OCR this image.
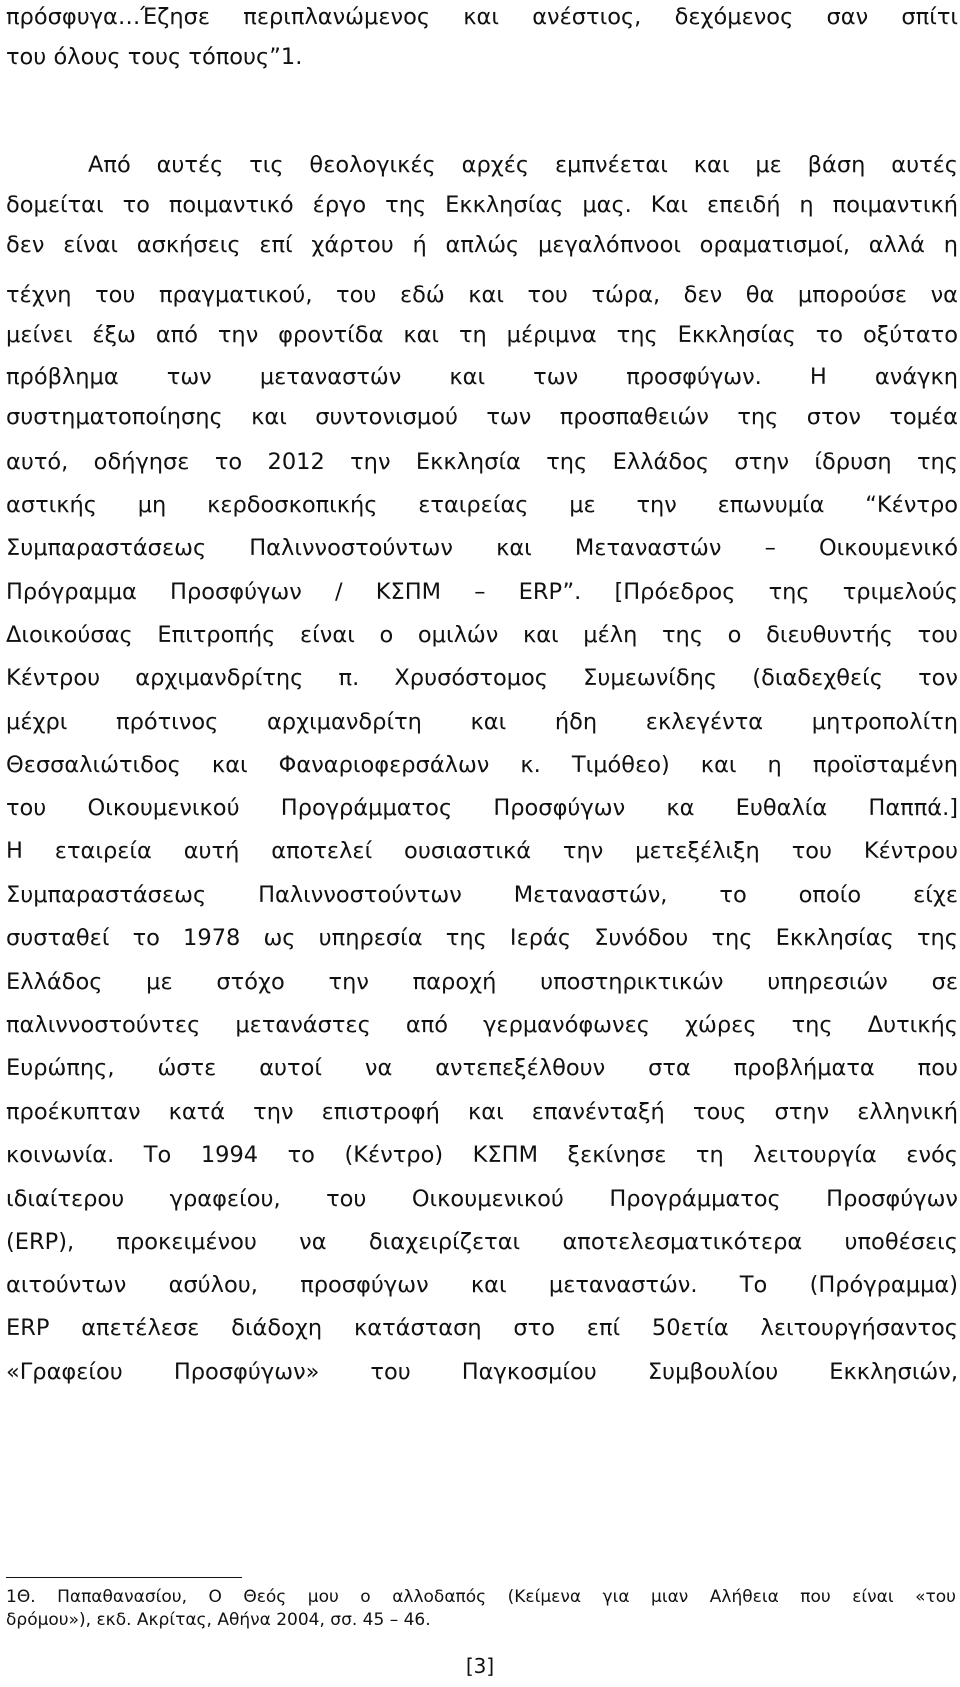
πρόσφυγα…Έζησε περιπλανώμενος και ανέστιος, δεχόμενος σαν σπίτι
του όλους τους τόπους”1.
Από αυτές τις θεολογικές αρχές εμπνέεται και με βάση αυτές
δομείται το ποιμαντικό έργο της Εκκλησίας μας. Και επειδή η ποιμαντική
δεν είναι ασκήσεις επί χάρτου ή απλώς μεγαλόπνοοι οραματισμοί, αλλά η
τέχνη του πραγματικού, του εδώ και του τώρα, δεν θα μπορούσε να
μείνει έξω από την φροντίδα και τη μέριμνα της Εκκλησίας το οξύτατο
πρόβλημα των μεταναστών και των προσφύγων. Η ανάγκη
συστηματοποίησης και συντονισμού των προσπαθειών της στον τομέα
αυτό, οδήγησε το 2012 την Εκκλησία της Ελλάδος στην ίδρυση της
αστικής μη κερδοσκοπικής εταιρείας με την επωνυμία “Κέντρο
Συμπαραστάσεως Παλιννοστούντων και Μεταναστών – Οικουμενικό
Πρόγραμμα Προσφύγων / ΚΣΠΜ – ERP”. [Πρόεδρος της τριμελούς
Διοικούσας Επιτροπής είναι ο ομιλών και μέλη της ο διευθυντής του
Κέντρου αρχιμανδρίτης π. Χρυσόστομος Συμεωνίδης (διαδεχθείς τον
μέχρι πρότινος αρχιμανδρίτη και ήδη εκλεγέντα μητροπολίτη
Θεσσαλιώτιδος και Φαναριοφερσάλων κ. Τιμόθεο) και η προϊσταμένη
του Οικουμενικού Προγράμματος Προσφύγων κα Ευθαλία Παππά.]
Η εταιρεία αυτή αποτελεί ουσιαστικά την μετεξέλιξη του Κέντρου
Συμπαραστάσεως Παλιννοστούντων Μεταναστών, το οποίο είχε
συσταθεί το 1978 ως υπηρεσία της Ιεράς Συνόδου της Εκκλησίας της
Ελλάδος με στόχο την παροχή υποστηρικτικών υπηρεσιών σε
παλιννοστούντες μετανάστες από γερμανόφωνες χώρες της Δυτικής
Ευρώπης, ώστε αυτοί να αντεπεξέλθουν στα προβλήματα που
προέκυπταν κατά την επιστροφή και επανένταξή τους στην ελληνική
κοινωνία. Το 1994 το (Κέντρο) ΚΣΠΜ ξεκίνησε τη λειτουργία ενός
ιδιαίτερου γραφείου, του Οικουμενικού Προγράμματος Προσφύγων
(ERP), προκειμένου να διαχειρίζεται αποτελεσματικότερα υποθέσεις
αιτούντων ασύλου, προσφύγων και μεταναστών. Το (Πρόγραμμα)
ΕRP απετέλεσε διάδοχη κατάσταση στο επί 50ετία λειτουργήσαντος
«Γραφείου Προσφύγων» του Παγκοσμίου Συμβουλίου Εκκλησιών,
1Θ. Παπαθανασίου, Ο Θεός μου ο αλλοδαπός (Κείμενα για μιαν Αλήθεια που είναι «του
δρόμου»), εκδ. Ακρίτας, Αθήνα 2004, σσ. 45 – 46.
[3]
